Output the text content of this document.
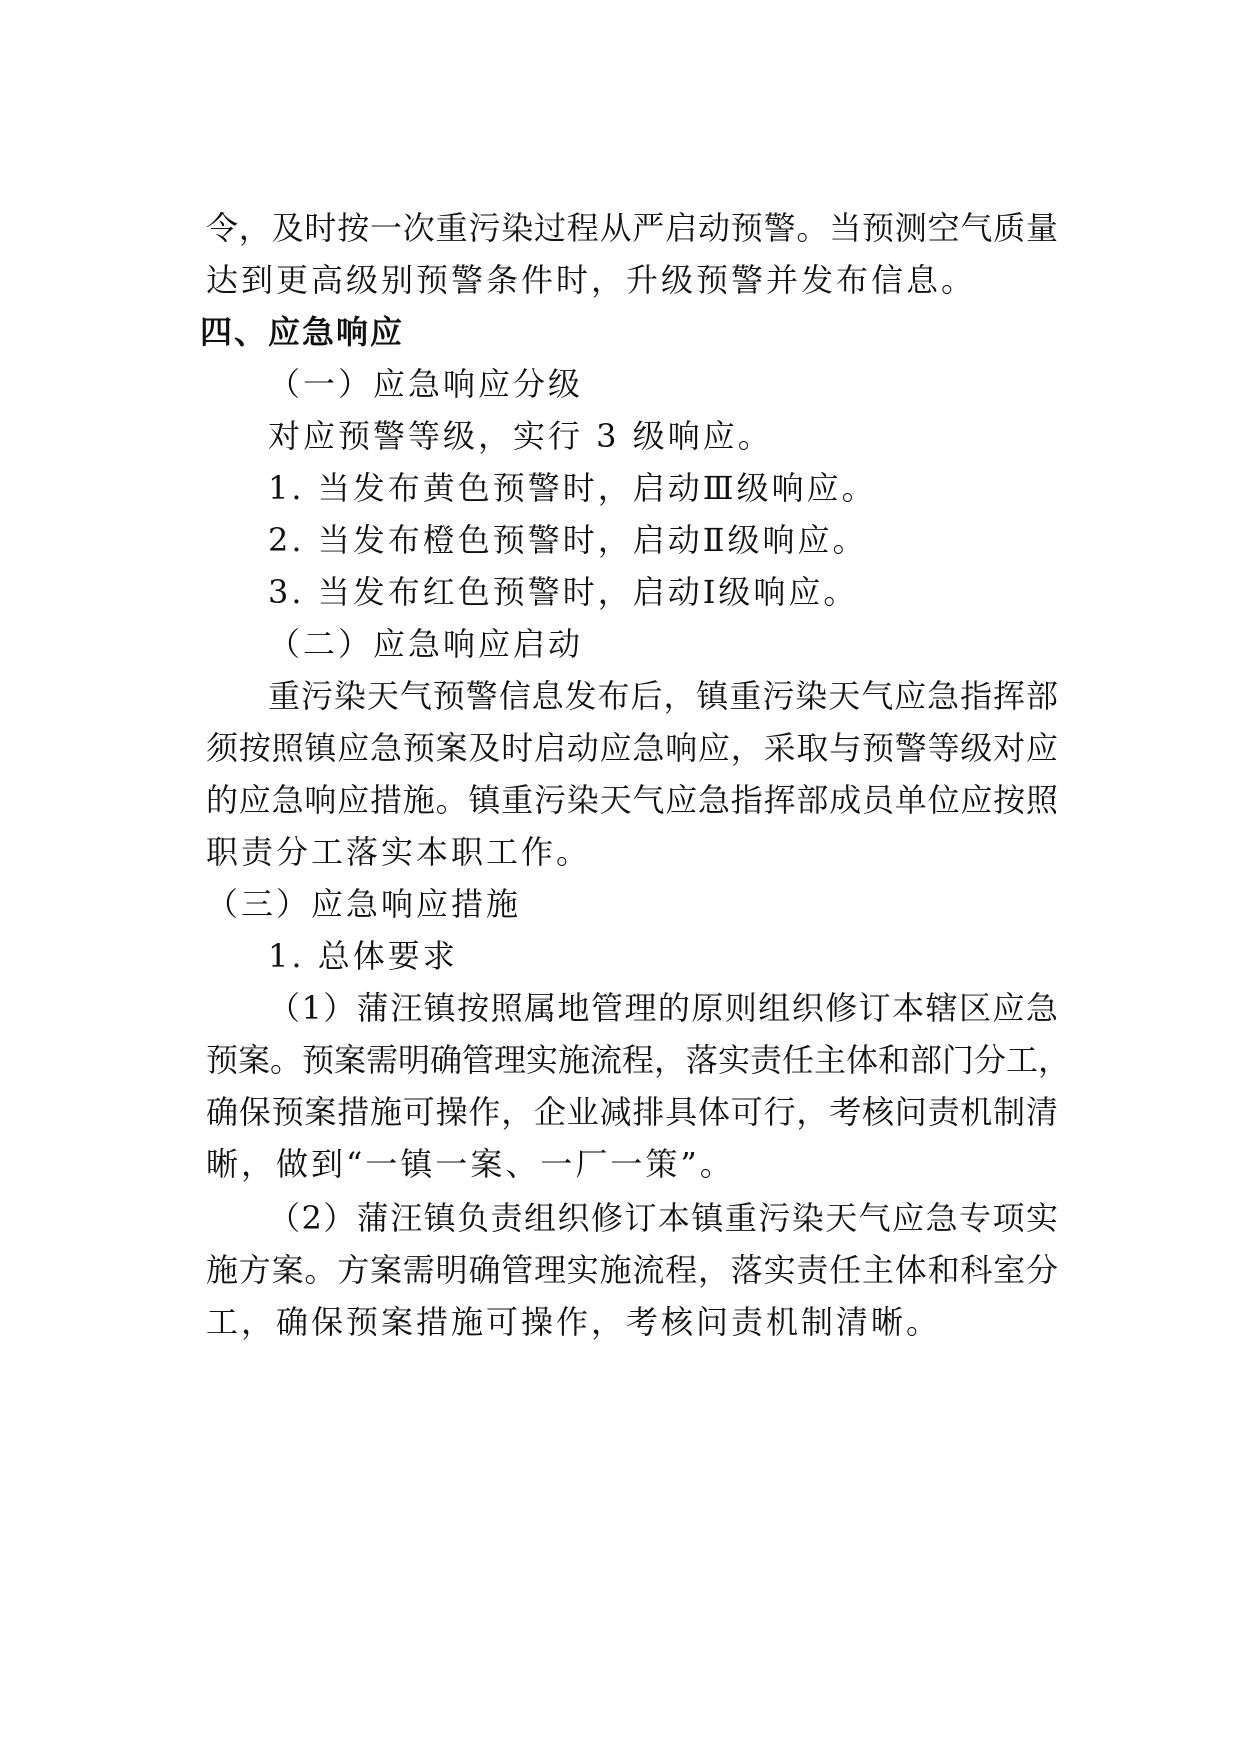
令，及时按一次重污染过程从严启动预警。当预测空气质量
达到更高级别预警条件时，升级预警并发布信息。
四、应急响应
（一）应急响应分级
对应预警等级，实行 3 级响应。
1. 当发布黄色预警时，启动Ⅲ级响应。
2. 当发布橙色预警时，启动Ⅱ级响应。
3. 当发布红色预警时，启动Ⅰ级响应。
（二）应急响应启动
重污染天气预警信息发布后，镇重污染天气应急指挥部
须按照镇应急预案及时启动应急响应，采取与预警等级对应
的应急响应措施。镇重污染天气应急指挥部成员单位应按照
职责分工落实本职工作。
（三）应急响应措施
1. 总体要求
（1）蒲汪镇按照属地管理的原则组织修订本辖区应急
预案。预案需明确管理实施流程，落实责任主体和部门分工，
确保预案措施可操作，企业减排具体可行，考核问责机制清
晰，做到“一镇一案、一厂一策”。
（2）蒲汪镇负责组织修订本镇重污染天气应急专项实
施方案。方案需明确管理实施流程，落实责任主体和科室分
工，确保预案措施可操作，考核问责机制清晰。
